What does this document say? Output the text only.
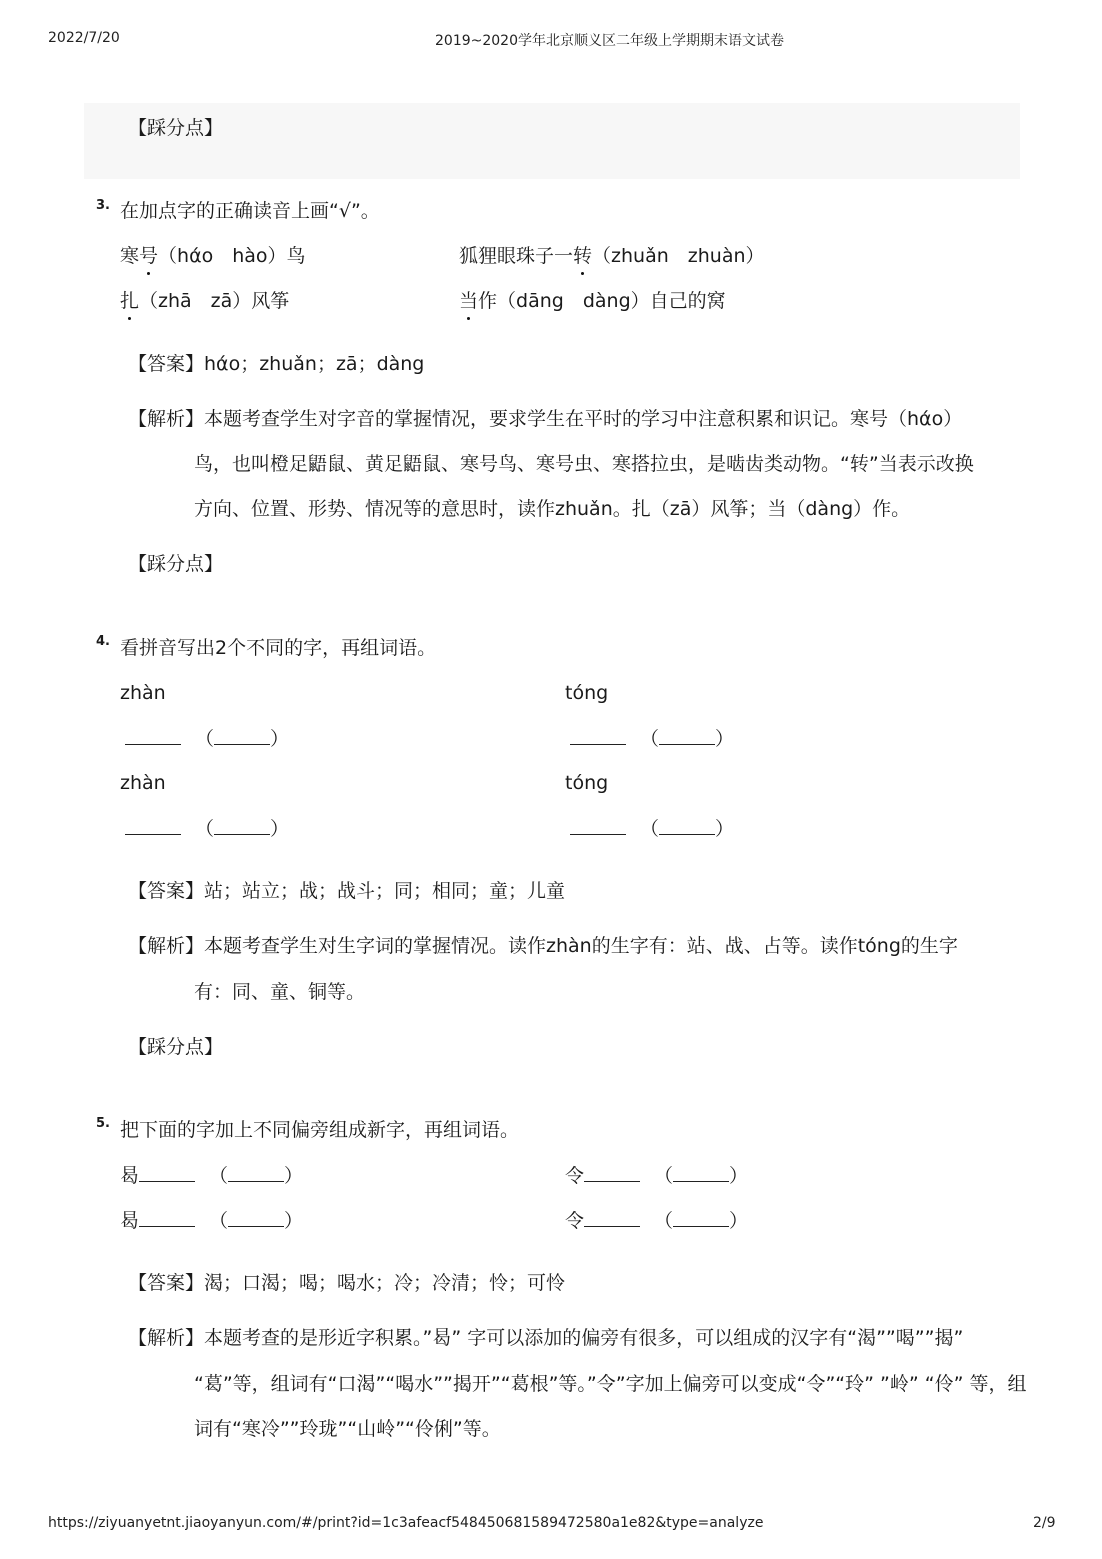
2022/7/20	2019~2020学年北京顺义区二年级上学期期末语文试卷
【踩分点】
3. 在加点字的正确读音上画“√”。
寒号（hάo　hào）鸟	狐狸眼珠子一转（zhuǎn　zhuàn）
扎（zhā　zā）风筝	当作（dāng　dàng）自己的窝
【答案】hάo；zhuǎn；zā；dàng
【解析】本题考查学生对字音的掌握情况，要求学生在平时的学习中注意积累和识记。寒号（hάo）
鸟，也叫橙足鼯鼠、黄足鼯鼠、寒号鸟、寒号虫、寒搭拉虫，是啮齿类动物。“转”当表示改换
方向、位置、形势、情况等的意思时，读作zhuǎn。扎（zā）风筝；当（dàng）作。
【踩分点】
4. 看拼音写出2个不同的字，再组词语。
zhàn	tóng
（	）	（	）
zhàn	tóng
（	）	（	）
【答案】站；站立；战；战斗；同；相同；童；儿童
【解析】本题考查学生对生字词的掌握情况。读作zhàn的生字有：站、战、占等。读作tóng的生字
有：同、童、铜等。
【踩分点】
5. 把下面的字加上不同偏旁组成新字，再组词语。
曷	（	）	令	（	）
曷	（	）	令	（	）
【答案】渴；口渴；喝；喝水；冷；冷清；怜；可怜
【解析】本题考查的是形近字积累。”曷” 字可以添加的偏旁有很多，可以组成的汉字有“渴””喝””揭”
“葛”等，组词有“口渴”“喝水””揭开”“葛根”等。”令”字加上偏旁可以变成“令”“玲” ”岭” “伶” 等，组
词有“寒冷””玲珑”“山岭”“伶俐”等。
https://ziyuanyetnt.jiaoyanyun.com/#/print?id=1c3afeacf5484506815894725​80a1e82&type=analyze	2/9
